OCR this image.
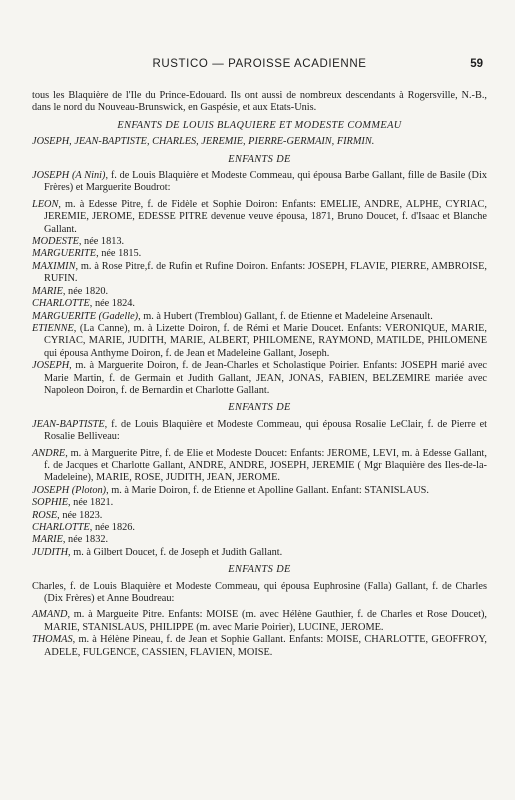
RUSTICO — PAROISSE ACADIENNE	59

tous les Blaquière de l'Ile du Prince-Edouard. Ils ont aussi de nombreux descendants à Rogersville, N.-B., dans le nord du Nouveau-Brunswick, en Gaspésie, et aux Etats-Unis.

ENFANTS DE LOUIS BLAQUIERE ET MODESTE COMMEAU

JOSEPH, JEAN-BAPTISTE, CHARLES, JEREMIE, PIERRE-GERMAIN, FIRMIN.

ENFANTS DE

JOSEPH (A Nini), f. de Louis Blaquière et Modeste Commeau, qui épousa Barbe Gallant, fille de Basile (Dix Frères) et Marguerite Boudrot:

LEON, m. à Edesse Pitre, f. de Fidèle et Sophie Doiron: Enfants: EMELIE, ANDRE, ALPHE, CYRIAC, JEREMIE, JEROME, EDESSE PITRE devenue veuve épousa, 1871, Bruno Doucet, f. d'Isaac et Blanche Gallant.

MODESTE, née 1813.

MARGUERITE, née 1815.

MAXIMIN, m. à Rose Pitre,f. de Rufin et Rufine Doiron. Enfants: JOSEPH, FLAVIE, PIERRE, AMBROISE, RUFIN.

MARIE, née 1820.

CHARLOTTE, née 1824.

MARGUERITE (Gadelle), m. à Hubert (Tremblou) Gallant, f. de Etienne et Madeleine Arsenault.

ETIENNE, (La Canne), m. à Lizette Doiron, f. de Rémi et Marie Doucet. Enfants: VERONIQUE, MARIE, CYRIAC, MARIE, JUDITH, MARIE, ALBERT, PHILOMENE, RAYMOND, MATILDE, PHILOMENE qui épousa Anthyme Doiron, f. de Jean et Madeleine Gallant, Joseph.

JOSEPH, m. à Marguerite Doiron, f. de Jean-Charles et Scholastique Poirier. Enfants: JOSEPH marié avec Marie Martin, f. de Germain et Judith Gallant, JEAN, JONAS, FABIEN, BELZEMIRE mariée avec Napoleon Doiron, f. de Bernardin et Charlotte Gallant.

ENFANTS DE

JEAN-BAPTISTE, f. de Louis Blaquière et Modeste Commeau, qui épousa Rosalie LeClair, f. de Pierre et Rosalie Belliveau:

ANDRE, m. à Marguerite Pitre, f. de Elie et Modeste Doucet: Enfants: JEROME, LEVI, m. à Edesse Gallant, f. de Jacques et Charlotte Gallant, ANDRE, ANDRE, JOSEPH, JEREMIE ( Mgr Blaquière des Iles-de-la-Madeleine), MARIE, ROSE, JUDITH, JEAN, JEROME.

JOSEPH (Ploton), m. à Marie Doiron, f. de Etienne et Apolline Gallant. Enfant: STANISLAUS.

SOPHIE, née 1821.

ROSE, née 1823.

CHARLOTTE, née 1826.

MARIE, née 1832.

JUDITH, m. à Gilbert Doucet, f. de Joseph et Judith Gallant.

ENFANTS DE

Charles, f. de Louis Blaquière et Modeste Commeau, qui épousa Euphrosine (Falla) Gallant, f. de Charles (Dix Frères) et Anne Boudreau:

AMAND, m. à Margueite Pitre. Enfants: MOISE (m. avec Hélène Gauthier, f. de Charles et Rose Doucet), MARIE, STANISLAUS, PHILIPPE (m. avec Marie Poirier), LUCINE, JEROME.

THOMAS, m. à Hélène Pineau, f. de Jean et Sophie Gallant. Enfants: MOISE, CHARLOTTE, GEOFFROY, ADELE, FULGENCE, CASSIEN, FLAVIEN, MOISE.
